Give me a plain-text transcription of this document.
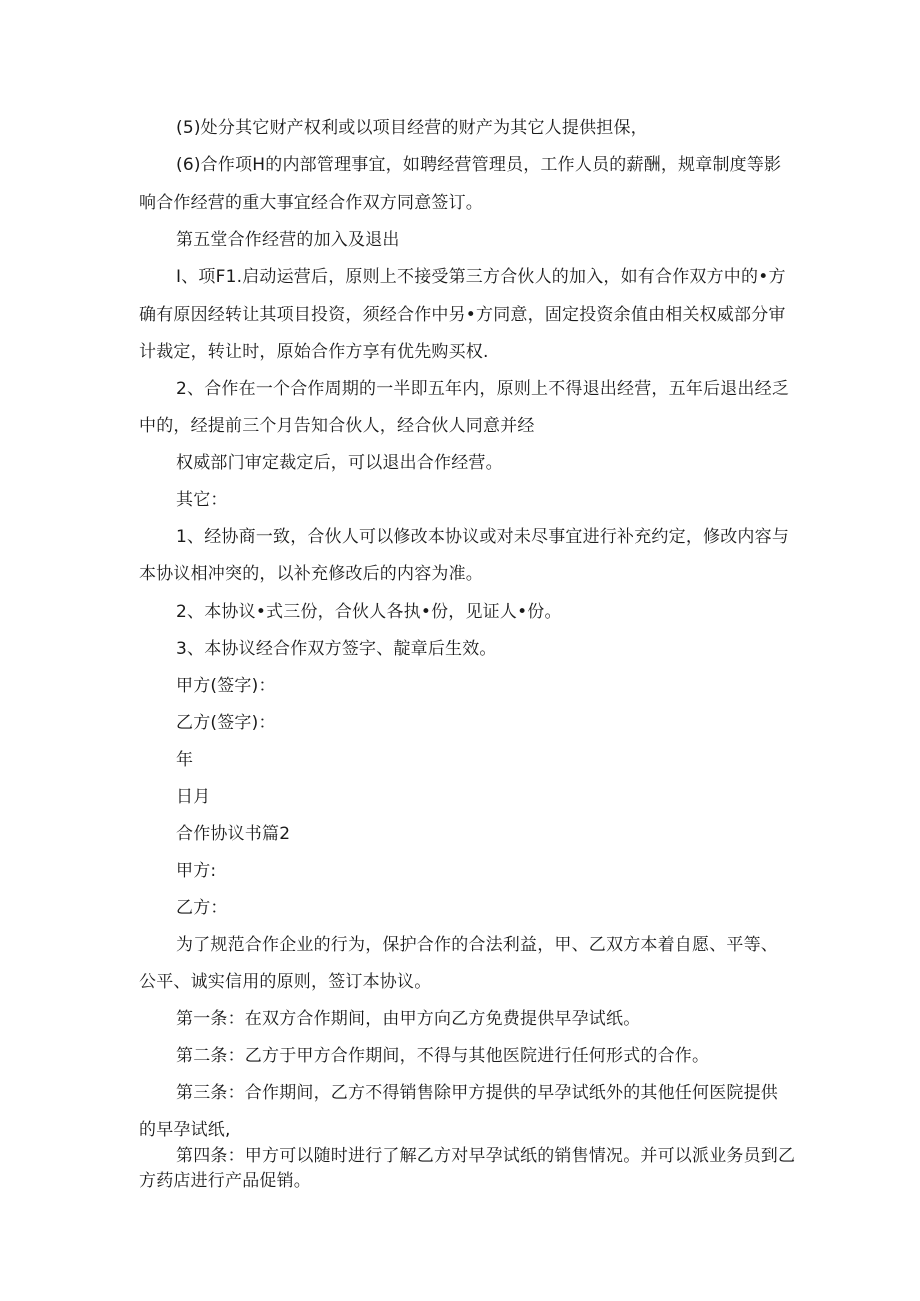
(5)处分其它财产权利或以项目经营的财产为其它人提供担保，
(6)合作项H的内部管理事宜，如聘经营管理员，工作人员的薪酬，规章制度等影
响合作经营的重大事宜经合作双方同意签订。
第五堂合作经营的加入及退出
I、项F1.启动运营后，原则上不接受第三方合伙人的加入，如有合作双方中的•方
确有原因经转让其项目投资，须经合作中另•方同意，固定投资余值由相关权威部分审
计裁定，转让时，原始合作方享有优先购买权.
2、合作在一个合作周期的一半即五年内，原则上不得退出经营，五年后退出经乏
中的，经提前三个月告知合伙人，经合伙人同意并经
权威部门审定裁定后，可以退出合作经营。
其它：
1、经协商一致，合伙人可以修改本协议或对未尽事宜进行补充约定，修改内容与
本协议相冲突的，以补充修改后的内容为准。
2、本协议•式三份，合伙人各执•份，见证人•份。
3、本协议经合作双方签字、靛章后生效。
甲方(签字)：
乙方(签字)：
年
日月
合作协议书篇2
甲方:
乙方：
为了规范合作企业的行为，保护合作的合法利益，甲、乙双方本着自愿、平等、
公平、诚实信用的原则，签订本协议。
第一条：在双方合作期间，由甲方向乙方免费提供早孕试纸。
第二条：乙方于甲方合作期间，不得与其他医院进行任何形式的合作。
第三条：合作期间，乙方不得销售除甲方提供的早孕试纸外的其他任何医院提供
的早孕试纸,
第四条：甲方可以随时进行了解乙方对早孕试纸的销售情况。并可以派业务员到乙
方药店进行产品促销。
